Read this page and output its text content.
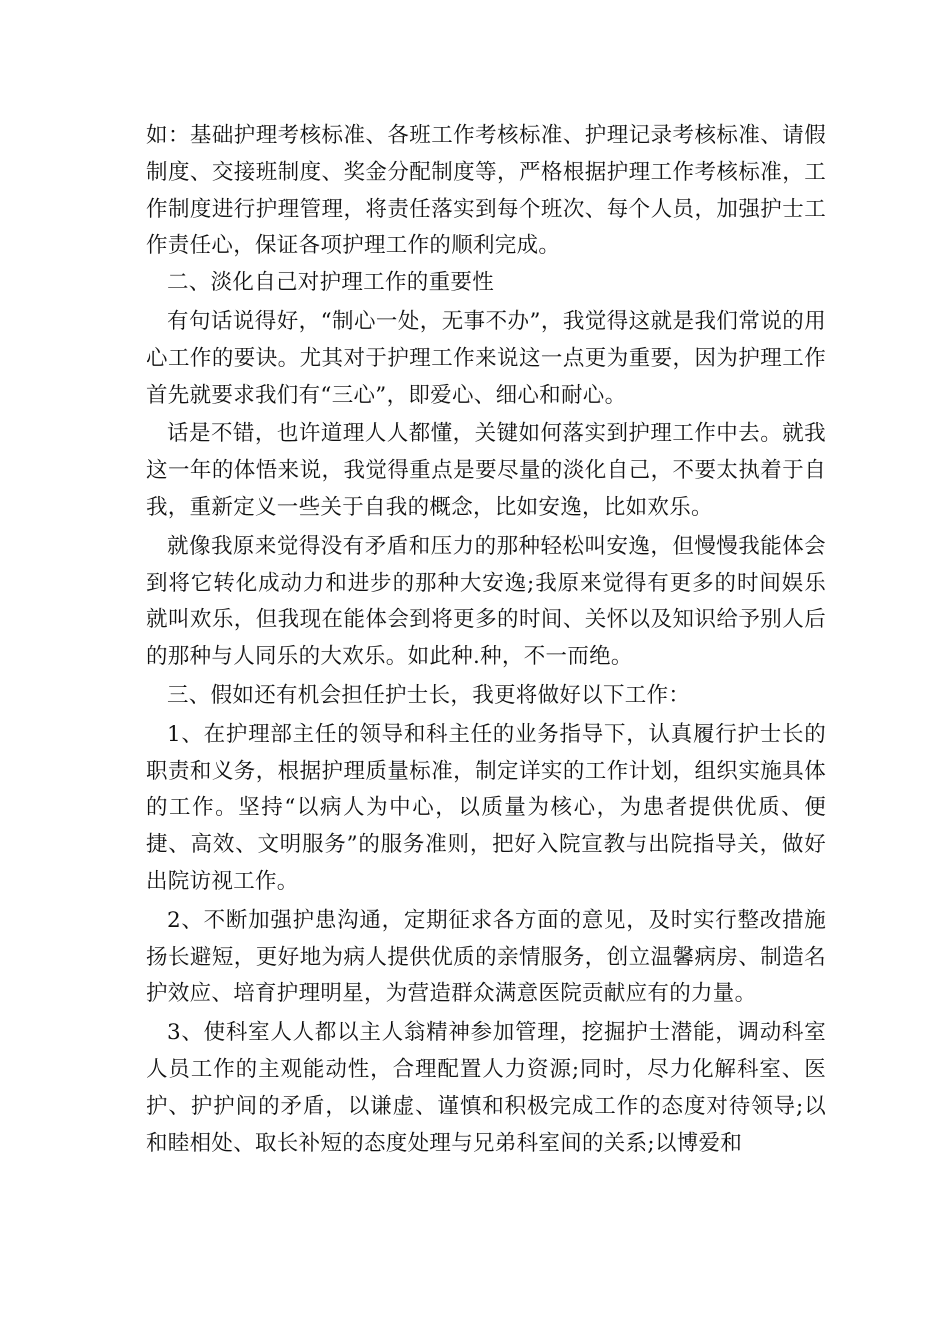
如：基础护理考核标准、各班工作考核标准、护理记录考核标准、请假制度、交接班制度、奖金分配制度等，严格根据护理工作考核标准，工作制度进行护理管理，将责任落实到每个班次、每个人员，加强护士工作责任心，保证各项护理工作的顺利完成。

二、淡化自己对护理工作的重要性

有句话说得好，“制心一处，无事不办”，我觉得这就是我们常说的用心工作的要诀。尤其对于护理工作来说这一点更为重要，因为护理工作首先就要求我们有“三心”，即爱心、细心和耐心。

话是不错，也许道理人人都懂，关键如何落实到护理工作中去。就我这一年的体悟来说，我觉得重点是要尽量的淡化自己，不要太执着于自我，重新定义一些关于自我的概念，比如安逸，比如欢乐。

就像我原来觉得没有矛盾和压力的那种轻松叫安逸，但慢慢我能体会到将它转化成动力和进步的那种大安逸;我原来觉得有更多的时间娱乐就叫欢乐，但我现在能体会到将更多的时间、关怀以及知识给予别人后的那种与人同乐的大欢乐。如此种.种，不一而绝。

三、假如还有机会担任护士长，我更将做好以下工作：

1、在护理部主任的领导和科主任的业务指导下，认真履行护士长的职责和义务，根据护理质量标准，制定详实的工作计划，组织实施具体的工作。坚持“以病人为中心，以质量为核心，为患者提供优质、便捷、高效、文明服务”的服务准则，把好入院宣教与出院指导关，做好出院访视工作。

2、不断加强护患沟通，定期征求各方面的意见，及时实行整改措施扬长避短，更好地为病人提供优质的亲情服务，创立温馨病房、制造名护效应、培育护理明星，为营造群众满意医院贡献应有的力量。

3、使科室人人都以主人翁精神参加管理，挖掘护士潜能，调动科室人员工作的主观能动性，合理配置人力资源;同时，尽力化解科室、医护、护护间的矛盾，以谦虚、谨慎和积极完成工作的态度对待领导;以和睦相处、取长补短的态度处理与兄弟科室间的关系;以博爱和
